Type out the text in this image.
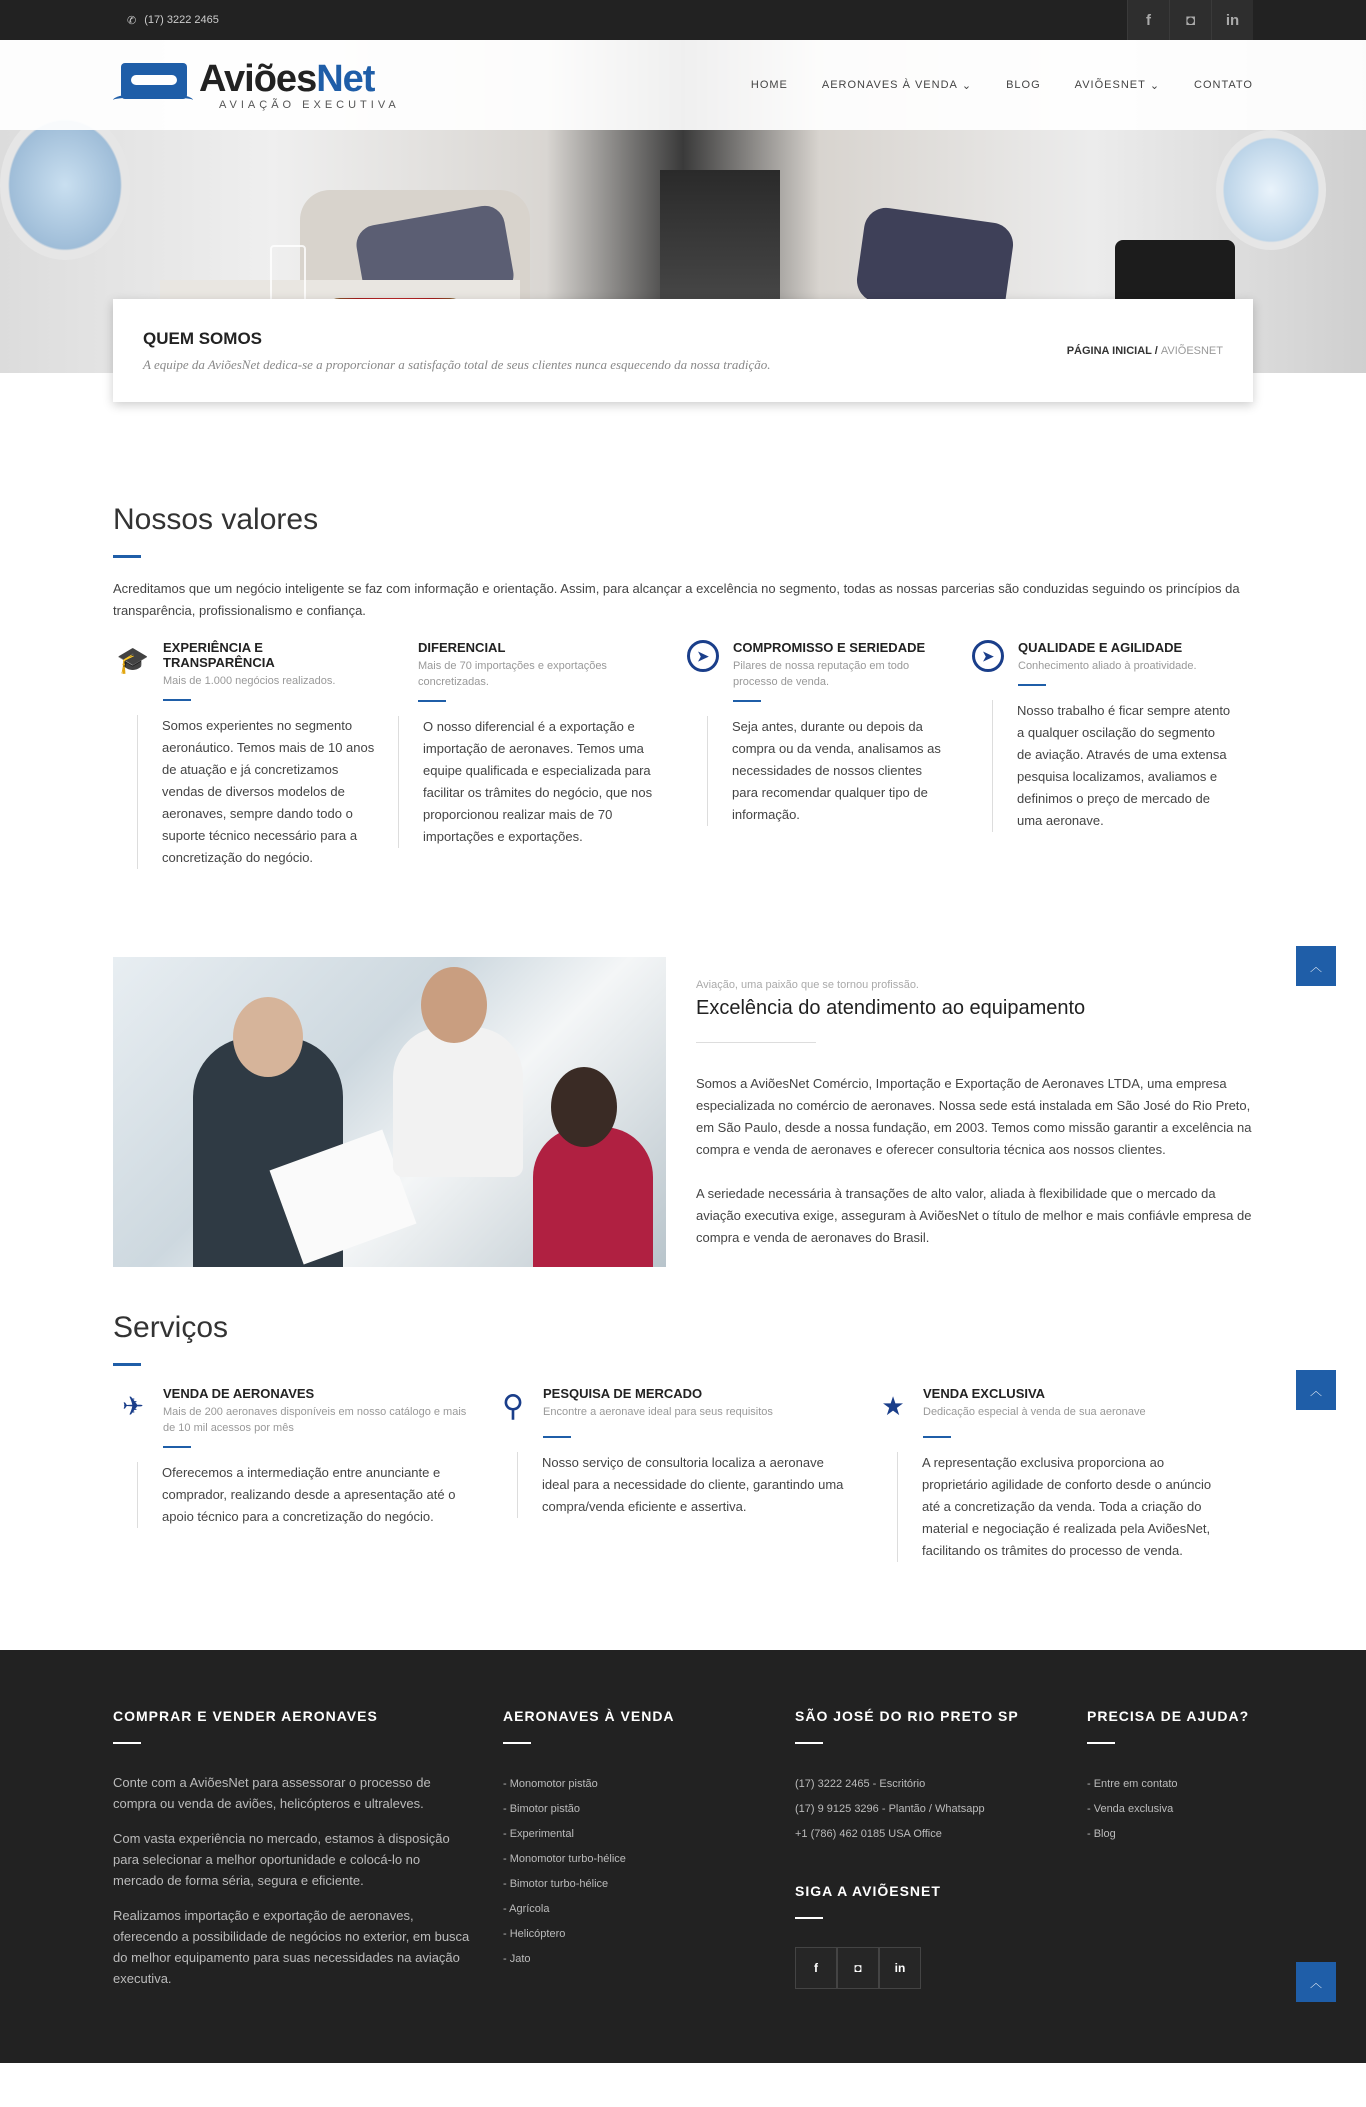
✆ (17) 3222 2465	f	◘	in
AviõesNet
AVIAÇÃO EXECUTIVA
HOME	AERONAVES À VENDA ⌄	BLOG	AVIÕESNET ⌄	CONTATO
QUEM SOMOS

A equipe da AviõesNet dedica-se a proporcionar a satisfação total de seus clientes nunca esquecendo da nossa tradição.

PÁGINA INICIAL / AVIÕESNET
Nossos valores

Acreditamos que um negócio inteligente se faz com informação e orientação. Assim, para alcançar a excelência no segmento, todas as nossas parcerias são conduzidas seguindo os princípios da transparência, profissionalismo e confiança.

🎓 EXPERIÊNCIA E TRANSPARÊNCIA
Mais de 1.000 negócios realizados.
Somos experientes no segmento aeronáutico. Temos mais de 10 anos de atuação e já concretizamos vendas de diversos modelos de aeronaves, sempre dando todo o suporte técnico necessário para a concretização do negócio.
DIFERENCIAL
Mais de 70 importações e exportações concretizadas.
O nosso diferencial é a exportação e importação de aeronaves. Temos uma equipe qualificada e especializada para facilitar os trâmites do negócio, que nos proporcionou realizar mais de 70 importações e exportações.
➤	COMPROMISSO E SERIEDADE
Pilares de nossa reputação em todo processo de venda.
Seja antes, durante ou depois da compra ou da venda, analisamos as necessidades de nossos clientes para recomendar qualquer tipo de informação.
➤	QUALIDADE E AGILIDADE
Conhecimento aliado à proatividade.
Nosso trabalho é ficar sempre atento a qualquer oscilação do segmento de aviação. Através de uma extensa pesquisa localizamos, avaliamos e definimos o preço de mercado de uma aeronave.
︿
Aviação, uma paixão que se tornou profissão.
Excelência do atendimento ao equipamento

Somos a AviõesNet Comércio, Importação e Exportação de Aeronaves LTDA, uma empresa especializada no comércio de aeronaves. Nossa sede está instalada em São José do Rio Preto, em São Paulo, desde a nossa fundação, em 2003. Temos como missão garantir a excelência na compra e venda de aeronaves e oferecer consultoria técnica aos nossos clientes.

A seriedade necessária à transações de alto valor, aliada à flexibilidade que o mercado da aviação executiva exige, asseguram à AviõesNet o título de melhor e mais confiávle empresa de compra e venda de aeronaves do Brasil.

Serviços
✈	VENDA DE AERONAVES
Mais de 200 aeronaves disponíveis em nosso catálogo e mais de 10 mil acessos por mês
Oferecemos a intermediação entre anunciante e comprador, realizando desde a apresentação até o apoio técnico para a concretização do negócio.
⚲	PESQUISA DE MERCADO
Encontre a aeronave ideal para seus requisitos
Nosso serviço de consultoria localiza a aeronave ideal para a necessidade do cliente, garantindo uma compra/venda eficiente e assertiva.
★	VENDA EXCLUSIVA
Dedicação especial à venda de sua aeronave
A representação exclusiva proporciona ao proprietário agilidade de conforto desde o anúncio até a concretização da venda. Toda a criação do material e negociação é realizada pela AviõesNet, facilitando os trâmites do processo de venda.
︿
COMPRAR E VENDER AERONAVES

Conte com a AviõesNet para assessorar o processo de compra ou venda de aviões, helicópteros e ultraleves.

Com vasta experiência no mercado, estamos à disposição para selecionar a melhor oportunidade e colocá-lo no mercado de forma séria, segura e eficiente.

Realizamos importação e exportação de aeronaves, oferecendo a possibilidade de negócios no exterior, em busca do melhor equipamento para suas necessidades na aviação executiva.

AERONAVES À VENDA
- Monomotor pistão
- Bimotor pistão
- Experimental
- Monomotor turbo-hélice
- Bimotor turbo-hélice
- Agrícola
- Helicóptero
- Jato
SÃO JOSÉ DO RIO PRETO SP
(17) 3222 2465 - Escritório
(17) 9 9125 3296 - Plantão / Whatsapp
+1 (786) 462 0185 USA Office
SIGA A AVIÕESNET
f	◘	in
PRECISA DE AJUDA?
- Entre em contato
- Venda exclusiva
- Blog
︿
